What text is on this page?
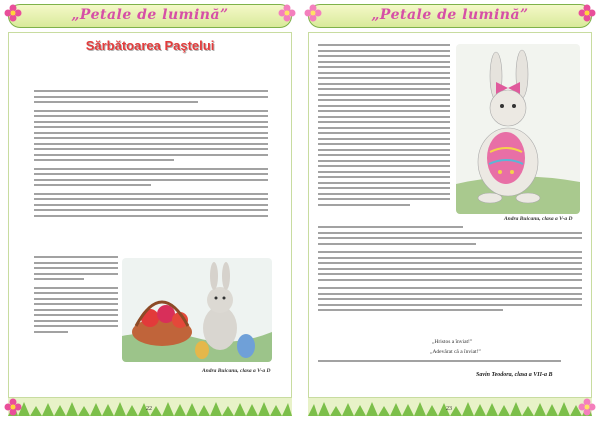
„Petale de lumină”
Sărbătoarea Paştelui
Andra Buicanu, clasa a V-a D
22
„Petale de lumină”
Andra Buicanu, clasa a V-a D
„Hristos a înviat!”
„Adevărat că a înviat!”
Savin Teodora, clasa a VII-a B
23
